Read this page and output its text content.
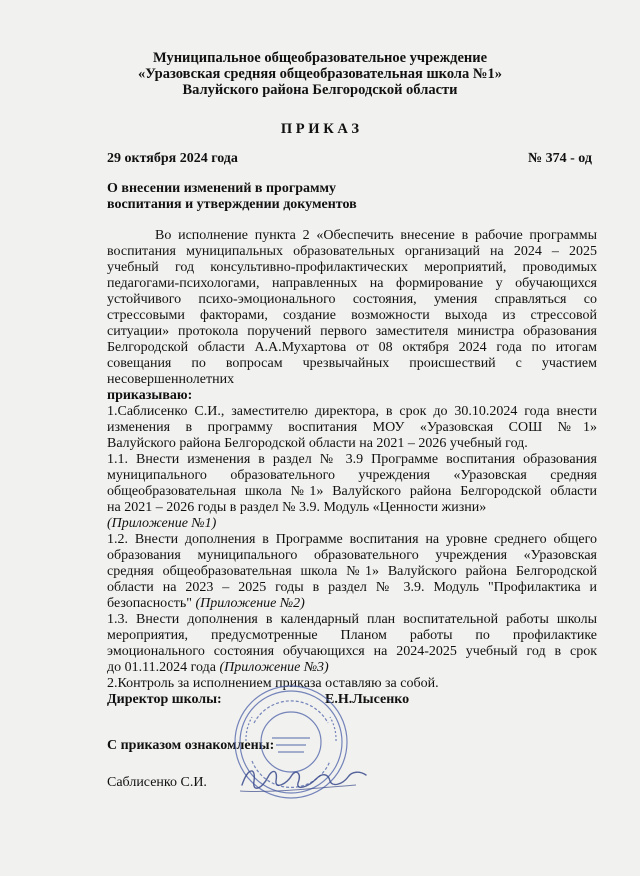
Муниципальное общеобразовательное учреждение
«Уразовская средняя общеобразовательная школа №1»
Валуйского района Белгородской области
П Р И К А З
29 октября 2024 года	№ 374 - од
О внесении изменений в программу
воспитания и утверждении документов
Во исполнение пункта 2 «Обеспечить внесение в рабочие программы
воспитания муниципальных образовательных организаций на 2024 – 2025
учебный год консультивно-профилактических мероприятий, проводимых
педагогами-психологами, направленных на формирование у обучающихся
устойчивого психо-эмоционального состояния, умения справляться со
стрессовыми факторами, создание возможности выхода из стрессовой
ситуации» протокола поручений первого заместителя министра образования
Белгородской области А.А.Мухартова от 08 октября 2024 года по итогам
совещания по вопросам чрезвычайных происшествий с участием
несовершеннолетних
приказываю:
1.Саблисенко С.И., заместителю директора, в срок до 30.10.2024 года внести
изменения в программу воспитания МОУ «Уразовская СОШ №1»
Валуйского района Белгородской области на 2021 – 2026 учебный год.
1.1. Внести изменения в раздел № 3.9 Программе воспитания образования
муниципального образовательного учреждения «Уразовская средняя
общеобразовательная школа №1» Валуйского района Белгородской области
на 2021 – 2026 годы в раздел № 3.9. Модуль «Ценности жизни»
(Приложение №1)
1.2. Внести дополнения в Программе воспитания на уровне среднего общего
образования муниципального образовательного учреждения «Уразовская
средняя общеобразовательная школа №1» Валуйского района Белгородской
области на 2023 – 2025 годы в раздел № 3.9. Модуль "Профилактика и
безопасность" (Приложение №2)
1.3. Внести дополнения в календарный план воспитательной работы школы
мероприятия, предусмотренные Планом работы по профилактике
эмоционального состояния обучающихся на 2024-2025 учебный год в срок
до 01.11.2024 года (Приложение №3)
2.Контроль за исполнением приказа оставляю за собой.
Директор школы:	Е.Н.Лысенко
С приказом ознакомлены:
Саблисенко С.И.
